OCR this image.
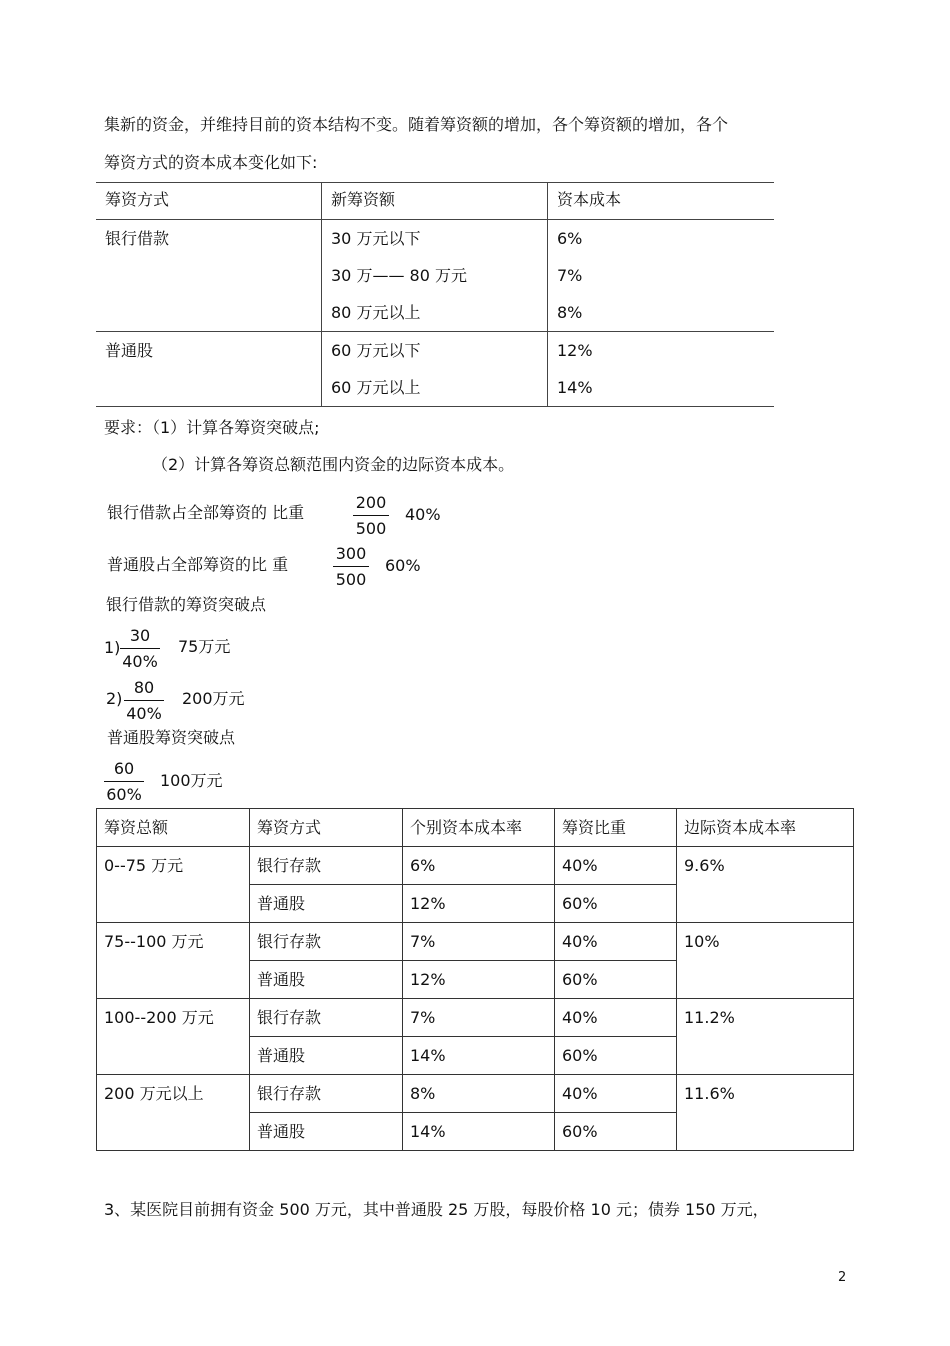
集新的资金，并维持目前的资本结构不变。随着筹资额的增加，各个筹资额的增加，各个
筹资方式的资本成本变化如下:
筹资方式	新筹资额	资本成本
银行借款	30 万元以下	6%
	30 万—— 80 万元	7%
	80 万元以上	8%
普通股	60 万元以下	12%
	60 万元以上	14%
要求：（1）计算各筹资突破点;
（2）计算各筹资总额范围内资金的边际资本成本。
银行借款占全部筹资的 比重	$\frac{200}{500} 40\%$
普通股占全部筹资的比 重	$\frac{300}{500} 60\%$
银行借款的筹资突破点
$1) \frac{30}{40\%} 75$万元
$2) \frac{80}{40\%} 200$万元
普通股筹资突破点
$\frac{60}{60\%} 100$万元
筹资总额	筹资方式	个别资本成本率	筹资比重	边际资本成本率
0--75 万元	银行存款	6%	40%	9.6%
	普通股	12%	60%	
75--100 万元	银行存款	7%	40%	10%
	普通股	12%	60%	
100--200 万元	银行存款	7%	40%	11.2%
	普通股	14%	60%	
200 万元以上	银行存款	8%	40%	11.6%
	普通股	14%	60%	
3、某医院目前拥有资金 500 万元，其中普通股 25 万股，每股价格 10 元；债券 150 万元，
2
